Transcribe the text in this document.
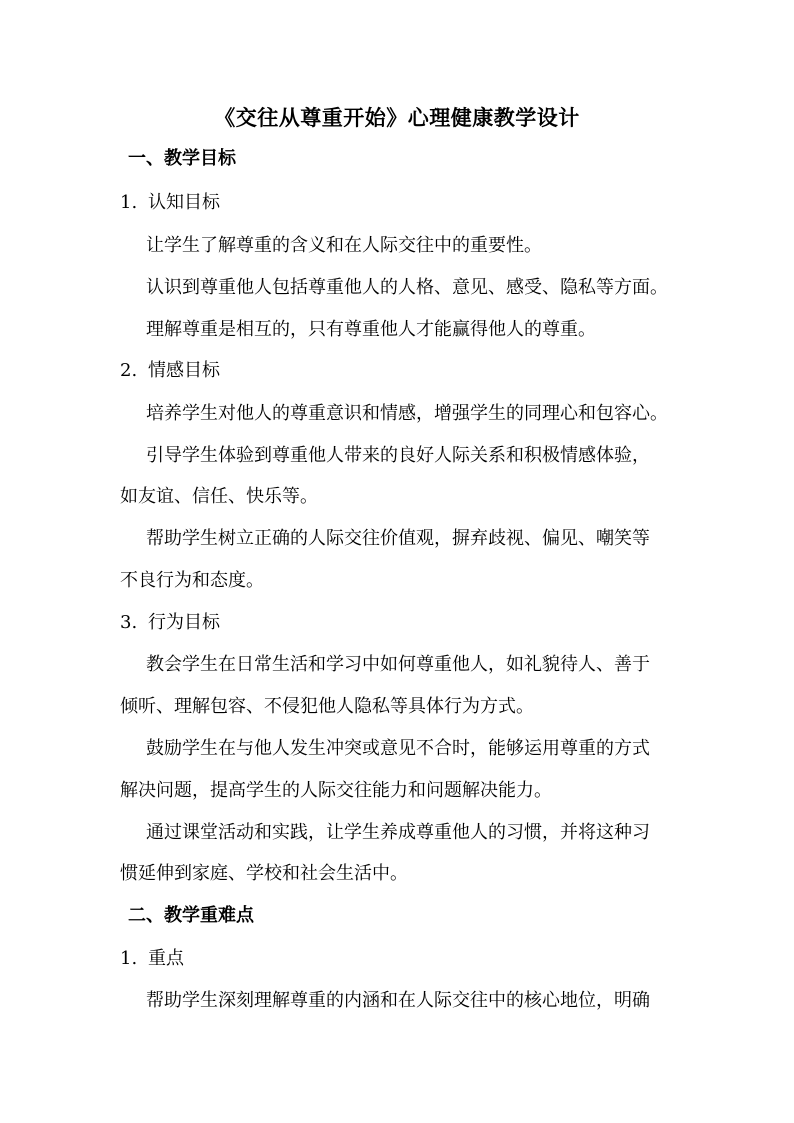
《交往从尊重开始》心理健康教学设计
一、教学目标
1. 认知目标
让学生了解尊重的含义和在人际交往中的重要性。
认识到尊重他人包括尊重他人的人格、意见、感受、隐私等方面。
理解尊重是相互的，只有尊重他人才能赢得他人的尊重。
2. 情感目标
培养学生对他人的尊重意识和情感，增强学生的同理心和包容心。
引导学生体验到尊重他人带来的良好人际关系和积极情感体验，
如友谊、信任、快乐等。
帮助学生树立正确的人际交往价值观，摒弃歧视、偏见、嘲笑等
不良行为和态度。
3. 行为目标
教会学生在日常生活和学习中如何尊重他人，如礼貌待人、善于
倾听、理解包容、不侵犯他人隐私等具体行为方式。
鼓励学生在与他人发生冲突或意见不合时，能够运用尊重的方式
解决问题，提高学生的人际交往能力和问题解决能力。
通过课堂活动和实践，让学生养成尊重他人的习惯，并将这种习
惯延伸到家庭、学校和社会生活中。
二、教学重难点
1. 重点
帮助学生深刻理解尊重的内涵和在人际交往中的核心地位，明确
